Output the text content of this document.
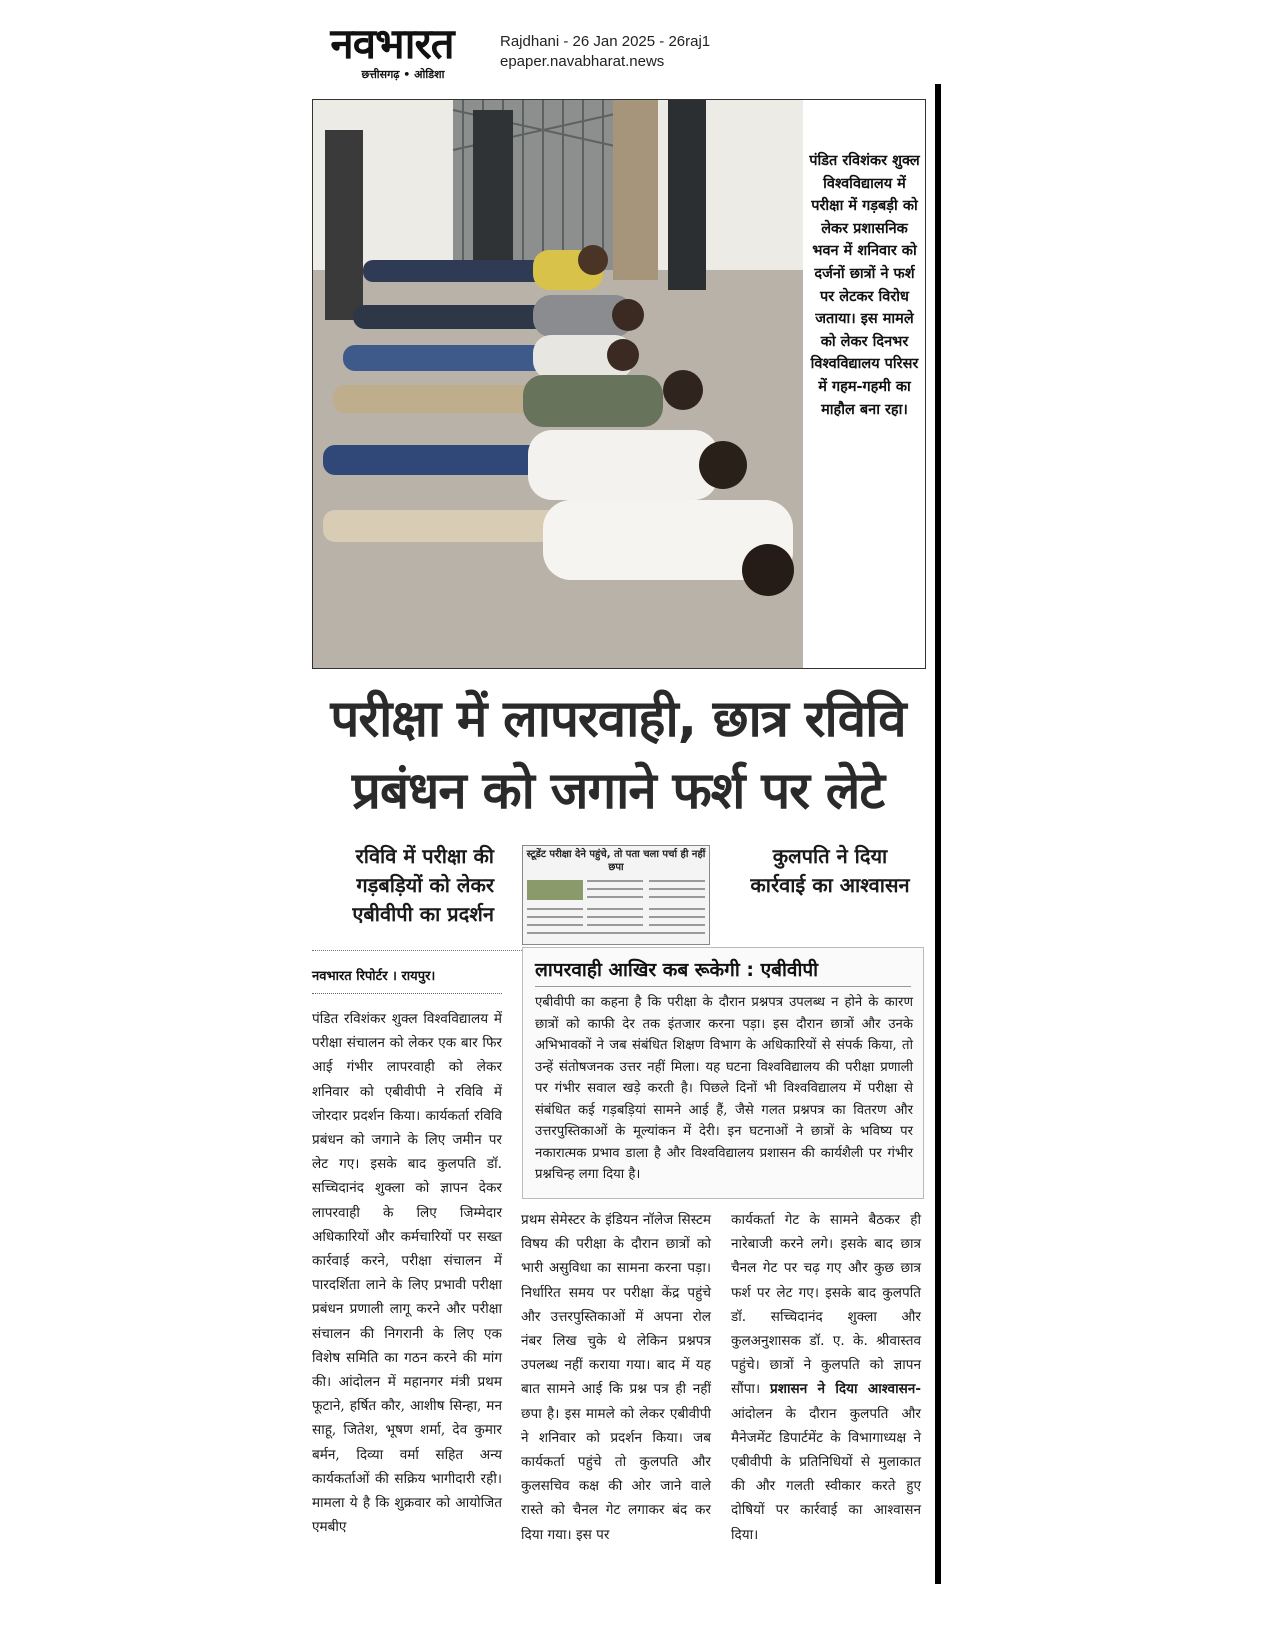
नवभारत
छत्तीसगढ़ • ओडिशा
Rajdhani - 26 Jan 2025 - 26raj1
epaper.navabharat.news
पंडित रविशंकर शुक्ल विश्वविद्यालय में परीक्षा में गड़बड़ी को लेकर प्रशासनिक भवन में शनिवार को दर्जनों छात्रों ने फर्श पर लेटकर विरोध जताया। इस मामले को लेकर दिनभर विश्वविद्यालय परिसर में गहम-गहमी का माहौल बना रहा।
परीक्षा में लापरवाही, छात्र रविवि
प्रबंधन को जगाने फर्श पर लेटे
रविवि में परीक्षा की गड़बड़ियों को लेकर एबीवीपी का प्रदर्शन
स्टूडेंट परीक्षा देने पहुंचे, तो पता चला पर्चा ही नहीं छपा	कुलपति ने दिया कार्रवाई का आश्वासन
नवभारत रिपोर्टर । रायपुर।
पंडित रविशंकर शुक्ल विश्वविद्यालय में परीक्षा संचालन को लेकर एक बार फिर आई गंभीर लापरवाही को लेकर शनिवार को एबीवीपी ने रविवि में जोरदार प्रदर्शन किया। कार्यकर्ता रविवि प्रबंधन को जगाने के लिए जमीन पर लेट गए। इसके बाद कुलपति डॉ. सच्चिदानंद शुक्ला को ज्ञापन देकर लापरवाही के लिए जिम्मेदार अधिकारियों और कर्मचारियों पर सख्त कार्रवाई करने, परीक्षा संचालन में पारदर्शिता लाने के लिए प्रभावी परीक्षा प्रबंधन प्रणाली लागू करने और परीक्षा संचालन की निगरानी के लिए एक विशेष समिति का गठन करने की मांग की। आंदोलन में महानगर मंत्री प्रथम फूटाने, हर्षित कौर, आशीष सिन्हा, मन साहू, जितेश, भूषण शर्मा, देव कुमार बर्मन, दिव्या वर्मा सहित अन्य कार्यकर्ताओं की सक्रिय भागीदारी रही। मामला ये है कि शुक्रवार को आयोजित एमबीए
लापरवाही आखिर कब रूकेगी : एबीवीपी
एबीवीपी का कहना है कि परीक्षा के दौरान प्रश्नपत्र उपलब्ध न होने के कारण छात्रों को काफी देर तक इंतजार करना पड़ा। इस दौरान छात्रों और उनके अभिभावकों ने जब संबंधित शिक्षण विभाग के अधिकारियों से संपर्क किया, तो उन्हें संतोषजनक उत्तर नहीं मिला। यह घटना विश्वविद्यालय की परीक्षा प्रणाली पर गंभीर सवाल खड़े करती है। पिछले दिनों भी विश्वविद्यालय में परीक्षा से संबंधित कई गड़बड़ियां सामने आई हैं, जैसे गलत प्रश्नपत्र का वितरण और उत्तरपुस्तिकाओं के मूल्यांकन में देरी। इन घटनाओं ने छात्रों के भविष्य पर नकारात्मक प्रभाव डाला है और विश्वविद्यालय प्रशासन की कार्यशैली पर गंभीर प्रश्नचिन्ह लगा दिया है।
प्रथम सेमेस्टर के इंडियन नॉलेज सिस्टम विषय की परीक्षा के दौरान छात्रों को भारी असुविधा का सामना करना पड़ा। निर्धारित समय पर परीक्षा केंद्र पहुंचे और उत्तरपुस्तिकाओं में अपना रोल नंबर लिख चुके थे लेकिन प्रश्नपत्र उपलब्ध नहीं कराया गया। बाद में यह बात सामने आई कि प्रश्न पत्र ही नहीं छपा है। इस मामले को लेकर एबीवीपी ने शनिवार को प्रदर्शन किया। जब कार्यकर्ता पहुंचे तो कुलपति और कुलसचिव कक्ष की ओर जाने वाले रास्ते को चैनल गेट लगाकर बंद कर दिया गया। इस पर
कार्यकर्ता गेट के सामने बैठकर ही नारेबाजी करने लगे। इसके बाद छात्र चैनल गेट पर चढ़ गए और कुछ छात्र फर्श पर लेट गए। इसके बाद कुलपति डॉ. सच्चिदानंद शुक्ला और कुलअनुशासक डॉ. ए. के. श्रीवास्तव पहुंचे। छात्रों ने कुलपति को ज्ञापन सौंपा। प्रशासन ने दिया आश्वासन- आंदोलन के दौरान कुलपति और मैनेजमेंट डिपार्टमेंट के विभागाध्यक्ष ने एबीवीपी के प्रतिनिधियों से मुलाकात की और गलती स्वीकार करते हुए दोषियों पर कार्रवाई का आश्वासन दिया।
